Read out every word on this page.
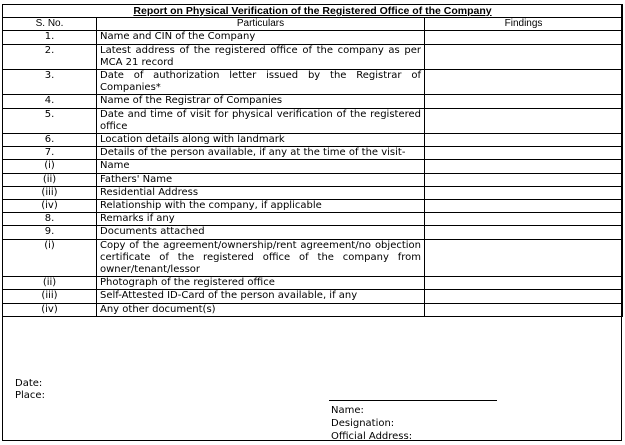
Report on Physical Verification of the Registered Office of the Company		
S. No.	Particulars	Findings
1.	Name and CIN of the Company	
2.	Latest address of the registered office of the company as per MCA 21 record	
3.	Date of authorization letter issued by the Registrar of Companies*	
4.	Name of the Registrar of Companies	
5.	Date and time of visit for physical verification of the registered office	
6.	Location details along with landmark	
7.	Details of the person available, if any at the time of the visit-	
(i)	Name	
(ii)	Fathers' Name	
(iii)	Residential Address	
(iv)	Relationship with the company, if applicable	
8.	Remarks if any	
9.	Documents attached	
(i)	Copy of the agreement/ownership/rent agreement/no objection certificate of the registered office of the company from owner/tenant/lessor	
(ii)	Photograph of the registered office	
(iii)	Self-Attested ID-Card of the person available, if any	
(iv)	Any other document(s)	
Date:
Place:
Name:
Designation:
Official Address:
